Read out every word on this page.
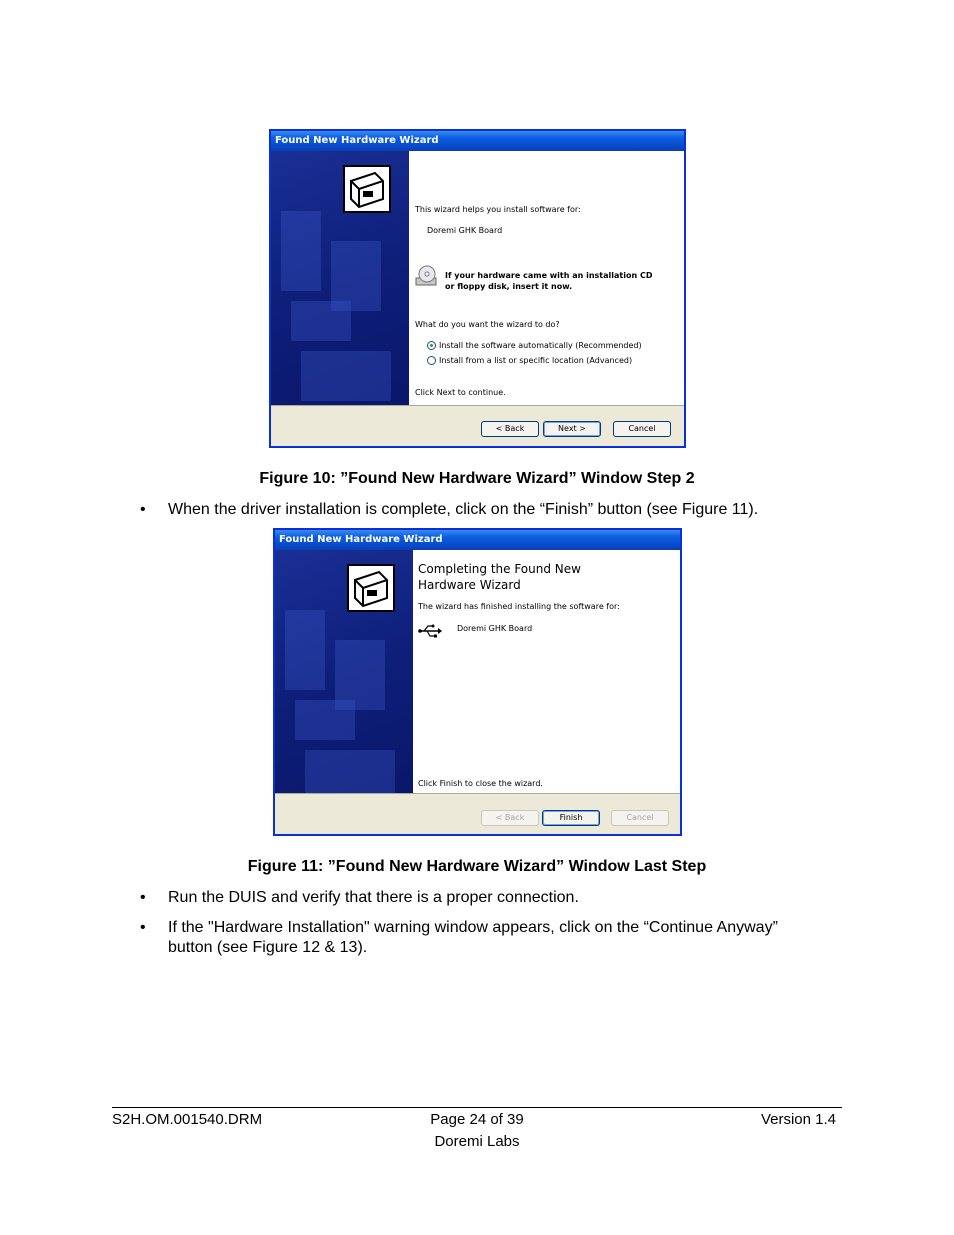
Found New Hardware Wizard
This wizard helps you install software for:
Doremi GHK Board
If your hardware came with an installation CD
or floppy disk, insert it now.
What do you want the wizard to do?
Install the software automatically (Recommended)
Install from a list or specific location (Advanced)
Click Next to continue.
< Back	Next >	Cancel
Figure 10: ”Found New Hardware Wizard” Window Step 2
• When the driver installation is complete, click on the “Finish” button (see Figure 11).
Found New Hardware Wizard
Completing the Found New
Hardware Wizard
The wizard has finished installing the software for:
Doremi GHK Board
Click Finish to close the wizard.
< Back	Finish	Cancel
Figure 11: ”Found New Hardware Wizard” Window Last Step
• Run the DUIS and verify that there is a proper connection.
• If the "Hardware Installation" warning window appears, click on the “Continue Anyway”
button (see Figure 12 & 13).
S2H.OM.001540.DRM	Page 24 of 39
Doremi Labs
Version 1.4
